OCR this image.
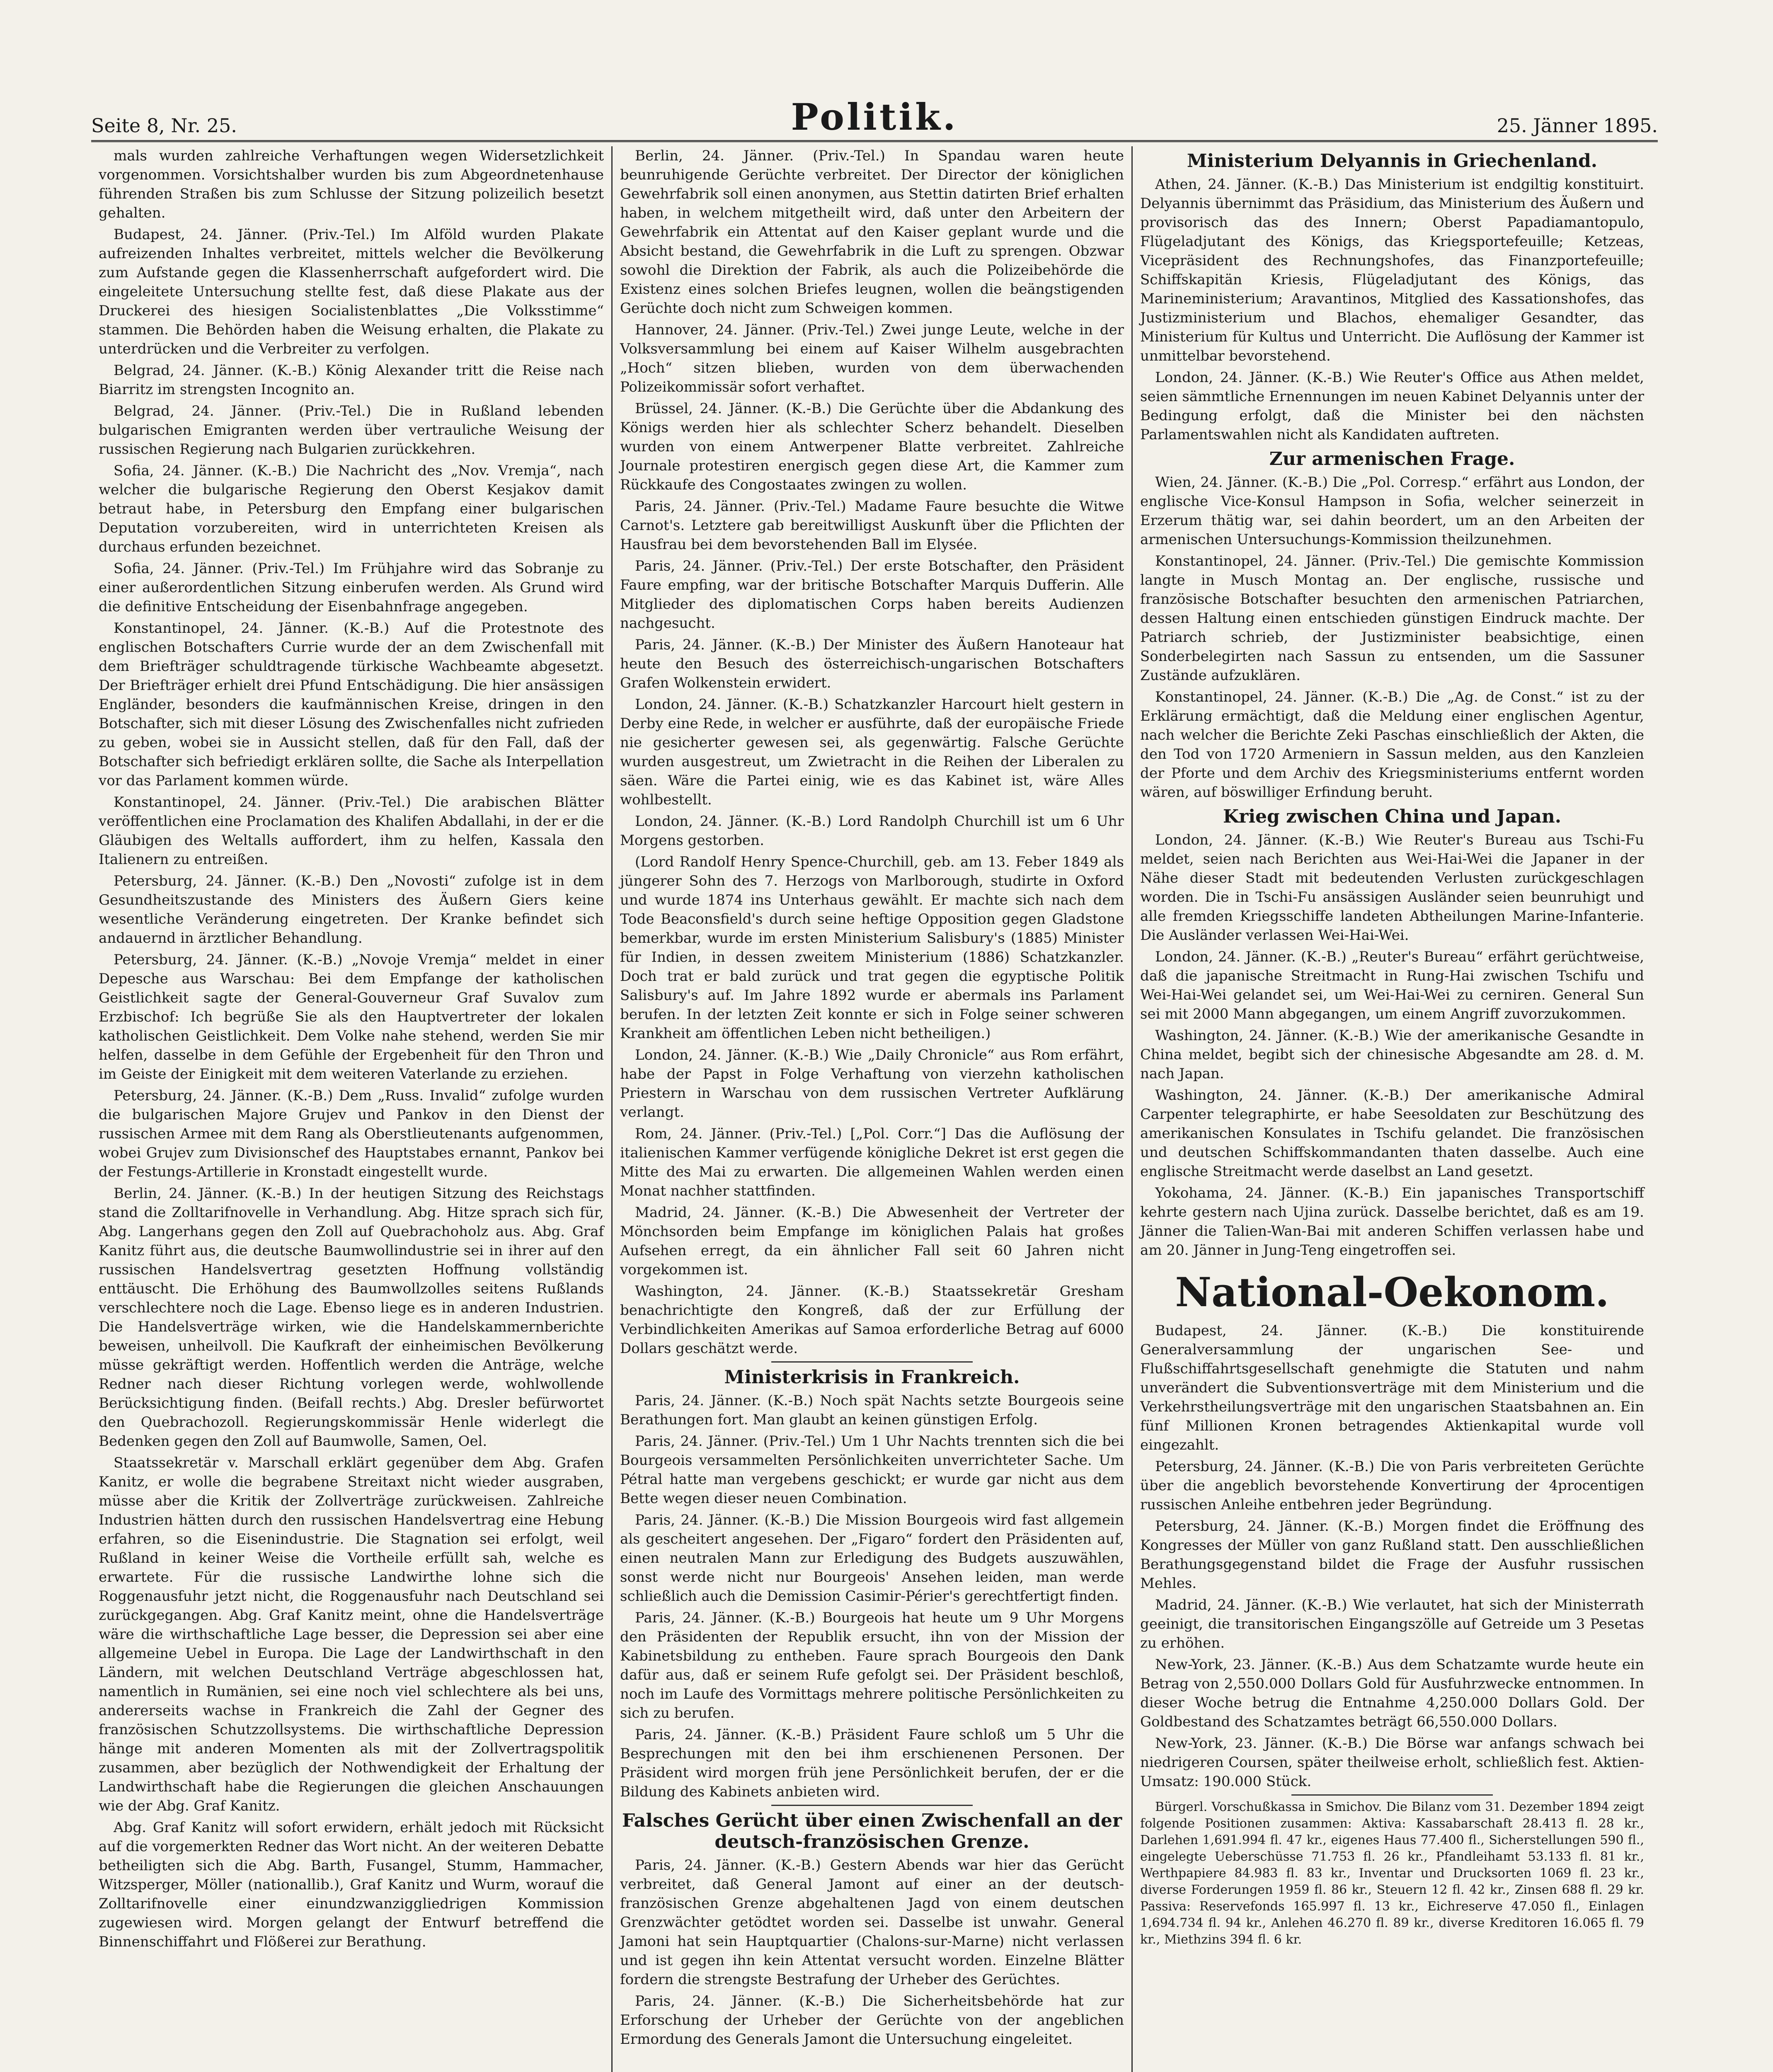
Seite 8, Nr. 25.	Politik.	25. Jänner 1895.

mals wurden zahlreiche Verhaftungen wegen Widersetzlichkeit vorgenommen. Vorsichtshalber wurden bis zum Abgeordnetenhause führenden Straßen bis zum Schlusse der Sitzung polizeilich besetzt gehalten.

Budapest, 24. Jänner. (Priv.-Tel.) Im Alföld wurden Plakate aufreizenden Inhaltes verbreitet, mittels welcher die Bevölkerung zum Aufstande gegen die Klassenherrschaft aufgefordert wird. Die eingeleitete Untersuchung stellte fest, daß diese Plakate aus der Druckerei des hiesigen Socialistenblattes „Die Volksstimme“ stammen. Die Behörden haben die Weisung erhalten, die Plakate zu unterdrücken und die Verbreiter zu verfolgen.

Belgrad, 24. Jänner. (K.-B.) König Alexander tritt die Reise nach Biarritz im strengsten Incognito an.

Belgrad, 24. Jänner. (Priv.-Tel.) Die in Rußland lebenden bulgarischen Emigranten werden über vertrauliche Weisung der russischen Regierung nach Bulgarien zurückkehren.

Sofia, 24. Jänner. (K.-B.) Die Nachricht des „Nov. Vremja“, nach welcher die bulgarische Regierung den Oberst Kesjakov damit betraut habe, in Petersburg den Empfang einer bulgarischen Deputation vorzubereiten, wird in unterrichteten Kreisen als durchaus erfunden bezeichnet.

Sofia, 24. Jänner. (Priv.-Tel.) Im Frühjahre wird das Sobranje zu einer außerordentlichen Sitzung einberufen werden. Als Grund wird die definitive Entscheidung der Eisenbahnfrage angegeben.

Konstantinopel, 24. Jänner. (K.-B.) Auf die Protestnote des englischen Botschafters Currie wurde der an dem Zwischenfall mit dem Briefträger schuldtragende türkische Wachbeamte abgesetzt. Der Briefträger erhielt drei Pfund Entschädigung. Die hier ansässigen Engländer, besonders die kaufmännischen Kreise, dringen in den Botschafter, sich mit dieser Lösung des Zwischenfalles nicht zufrieden zu geben, wobei sie in Aussicht stellen, daß für den Fall, daß der Botschafter sich befriedigt erklären sollte, die Sache als Interpellation vor das Parlament kommen würde.

Konstantinopel, 24. Jänner. (Priv.-Tel.) Die arabischen Blätter veröffentlichen eine Proclamation des Khalifen Abdallahi, in der er die Gläubigen des Weltalls auffordert, ihm zu helfen, Kassala den Italienern zu entreißen.

Petersburg, 24. Jänner. (K.-B.) Den „Novosti“ zufolge ist in dem Gesundheitszustande des Ministers des Äußern Giers keine wesentliche Veränderung eingetreten. Der Kranke befindet sich andauernd in ärztlicher Behandlung.

Petersburg, 24. Jänner. (K.-B.) „Novoje Vremja“ meldet in einer Depesche aus Warschau: Bei dem Empfange der katholischen Geistlichkeit sagte der General-Gouverneur Graf Suvalov zum Erzbischof: Ich begrüße Sie als den Hauptvertreter der lokalen katholischen Geistlichkeit. Dem Volke nahe stehend, werden Sie mir helfen, dasselbe in dem Gefühle der Ergebenheit für den Thron und im Geiste der Einigkeit mit dem weiteren Vaterlande zu erziehen.

Petersburg, 24. Jänner. (K.-B.) Dem „Russ. Invalid“ zufolge wurden die bulgarischen Majore Grujev und Pankov in den Dienst der russischen Armee mit dem Rang als Oberstlieutenants aufgenommen, wobei Grujev zum Divisionschef des Hauptstabes ernannt, Pankov bei der Festungs-Artillerie in Kronstadt eingestellt wurde.

Berlin, 24. Jänner. (K.-B.) In der heutigen Sitzung des Reichstags stand die Zolltarifnovelle in Verhandlung. Abg. Hitze sprach sich für, Abg. Langerhans gegen den Zoll auf Quebrachoholz aus. Abg. Graf Kanitz führt aus, die deutsche Baumwollindustrie sei in ihrer auf den russischen Handelsvertrag gesetzten Hoffnung vollständig enttäuscht. Die Erhöhung des Baumwollzolles seitens Rußlands verschlechtere noch die Lage. Ebenso liege es in anderen Industrien. Die Handelsverträge wirken, wie die Handelskammernberichte beweisen, unheilvoll. Die Kaufkraft der einheimischen Bevölkerung müsse gekräftigt werden. Hoffentlich werden die Anträge, welche Redner nach dieser Richtung vorlegen werde, wohlwollende Berücksichtigung finden. (Beifall rechts.) Abg. Dresler befürwortet den Quebrachozoll. Regierungskommissär Henle widerlegt die Bedenken gegen den Zoll auf Baumwolle, Samen, Oel.

Staatssekretär v. Marschall erklärt gegenüber dem Abg. Grafen Kanitz, er wolle die begrabene Streitaxt nicht wieder ausgraben, müsse aber die Kritik der Zollverträge zurückweisen. Zahlreiche Industrien hätten durch den russischen Handelsvertrag eine Hebung erfahren, so die Eisenindustrie. Die Stagnation sei erfolgt, weil Rußland in keiner Weise die Vortheile erfüllt sah, welche es erwartete. Für die russische Landwirthe lohne sich die Roggenausfuhr jetzt nicht, die Roggenausfuhr nach Deutschland sei zurückgegangen. Abg. Graf Kanitz meint, ohne die Handelsverträge wäre die wirthschaftliche Lage besser, die Depression sei aber eine allgemeine Uebel in Europa. Die Lage der Landwirthschaft in den Ländern, mit welchen Deutschland Verträge abgeschlossen hat, namentlich in Rumänien, sei eine noch viel schlechtere als bei uns, andererseits wachse in Frankreich die Zahl der Gegner des französischen Schutzzollsystems. Die wirthschaftliche Depression hänge mit anderen Momenten als mit der Zollvertragspolitik zusammen, aber bezüglich der Nothwendigkeit der Erhaltung der Landwirthschaft habe die Regierungen die gleichen Anschauungen wie der Abg. Graf Kanitz.

Abg. Graf Kanitz will sofort erwidern, erhält jedoch mit Rücksicht auf die vorgemerkten Redner das Wort nicht. An der weiteren Debatte betheiligten sich die Abg. Barth, Fusangel, Stumm, Hammacher, Witzsperger, Möller (nationallib.), Graf Kanitz und Wurm, worauf die Zolltarifnovelle einer einundzwanziggliedrigen Kommission zugewiesen wird. Morgen gelangt der Entwurf betreffend die Binnenschiffahrt und Flößerei zur Berathung.

Berlin, 24. Jänner. (Priv.-Tel.) In Spandau waren heute beunruhigende Gerüchte verbreitet. Der Director der königlichen Gewehrfabrik soll einen anonymen, aus Stettin datirten Brief erhalten haben, in welchem mitgetheilt wird, daß unter den Arbeitern der Gewehrfabrik ein Attentat auf den Kaiser geplant wurde und die Absicht bestand, die Gewehrfabrik in die Luft zu sprengen. Obzwar sowohl die Direktion der Fabrik, als auch die Polizeibehörde die Existenz eines solchen Briefes leugnen, wollen die beängstigenden Gerüchte doch nicht zum Schweigen kommen.

Hannover, 24. Jänner. (Priv.-Tel.) Zwei junge Leute, welche in der Volksversammlung bei einem auf Kaiser Wilhelm ausgebrachten „Hoch“ sitzen blieben, wurden von dem überwachenden Polizeikommissär sofort verhaftet.

Brüssel, 24. Jänner. (K.-B.) Die Gerüchte über die Abdankung des Königs werden hier als schlechter Scherz behandelt. Dieselben wurden von einem Antwerpener Blatte verbreitet. Zahlreiche Journale protestiren energisch gegen diese Art, die Kammer zum Rückkaufe des Congostaates zwingen zu wollen.

Paris, 24. Jänner. (Priv.-Tel.) Madame Faure besuchte die Witwe Carnot's. Letztere gab bereitwilligst Auskunft über die Pflichten der Hausfrau bei dem bevorstehenden Ball im Elysée.

Paris, 24. Jänner. (Priv.-Tel.) Der erste Botschafter, den Präsident Faure empfing, war der britische Botschafter Marquis Dufferin. Alle Mitglieder des diplomatischen Corps haben bereits Audienzen nachgesucht.

Paris, 24. Jänner. (K.-B.) Der Minister des Äußern Hanoteaur hat heute den Besuch des österreichisch-ungarischen Botschafters Grafen Wolkenstein erwidert.

London, 24. Jänner. (K.-B.) Schatzkanzler Harcourt hielt gestern in Derby eine Rede, in welcher er ausführte, daß der europäische Friede nie gesicherter gewesen sei, als gegenwärtig. Falsche Gerüchte wurden ausgestreut, um Zwietracht in die Reihen der Liberalen zu säen. Wäre die Partei einig, wie es das Kabinet ist, wäre Alles wohlbestellt.

London, 24. Jänner. (K.-B.) Lord Randolph Churchill ist um 6 Uhr Morgens gestorben.

(Lord Randolf Henry Spence-Churchill, geb. am 13. Feber 1849 als jüngerer Sohn des 7. Herzogs von Marlborough, studirte in Oxford und wurde 1874 ins Unterhaus gewählt. Er machte sich nach dem Tode Beaconsfield's durch seine heftige Opposition gegen Gladstone bemerkbar, wurde im ersten Ministerium Salisbury's (1885) Minister für Indien, in dessen zweitem Ministerium (1886) Schatzkanzler. Doch trat er bald zurück und trat gegen die egyptische Politik Salisbury's auf. Im Jahre 1892 wurde er abermals ins Parlament berufen. In der letzten Zeit konnte er sich in Folge seiner schweren Krankheit am öffentlichen Leben nicht betheiligen.)

London, 24. Jänner. (K.-B.) Wie „Daily Chronicle“ aus Rom erfährt, habe der Papst in Folge Verhaftung von vierzehn katholischen Priestern in Warschau von dem russischen Vertreter Aufklärung verlangt.

Rom, 24. Jänner. (Priv.-Tel.) [„Pol. Corr.“] Das die Auflösung der italienischen Kammer verfügende königliche Dekret ist erst gegen die Mitte des Mai zu erwarten. Die allgemeinen Wahlen werden einen Monat nachher stattfinden.

Madrid, 24. Jänner. (K.-B.) Die Abwesenheit der Vertreter der Mönchsorden beim Empfange im königlichen Palais hat großes Aufsehen erregt, da ein ähnlicher Fall seit 60 Jahren nicht vorgekommen ist.

Washington, 24. Jänner. (K.-B.) Staatssekretär Gresham benachrichtigte den Kongreß, daß der zur Erfüllung der Verbindlichkeiten Amerikas auf Samoa erforderliche Betrag auf 6000 Dollars geschätzt werde.

Ministerkrisis in Frankreich.

Paris, 24. Jänner. (K.-B.) Noch spät Nachts setzte Bourgeois seine Berathungen fort. Man glaubt an keinen günstigen Erfolg.

Paris, 24. Jänner. (Priv.-Tel.) Um 1 Uhr Nachts trennten sich die bei Bourgeois versammelten Persönlichkeiten unverrichteter Sache. Um Pétral hatte man vergebens geschickt; er wurde gar nicht aus dem Bette wegen dieser neuen Combination.

Paris, 24. Jänner. (K.-B.) Die Mission Bourgeois wird fast allgemein als gescheitert angesehen. Der „Figaro“ fordert den Präsidenten auf, einen neutralen Mann zur Erledigung des Budgets auszuwählen, sonst werde nicht nur Bourgeois' Ansehen leiden, man werde schließlich auch die Demission Casimir-Périer's gerechtfertigt finden.

Paris, 24. Jänner. (K.-B.) Bourgeois hat heute um 9 Uhr Morgens den Präsidenten der Republik ersucht, ihn von der Mission der Kabinetsbildung zu entheben. Faure sprach Bourgeois den Dank dafür aus, daß er seinem Rufe gefolgt sei. Der Präsident beschloß, noch im Laufe des Vormittags mehrere politische Persönlichkeiten zu sich zu berufen.

Paris, 24. Jänner. (K.-B.) Präsident Faure schloß um 5 Uhr die Besprechungen mit den bei ihm erschienenen Personen. Der Präsident wird morgen früh jene Persönlichkeit berufen, der er die Bildung des Kabinets anbieten wird.

Falsches Gerücht über einen Zwischenfall an der deutsch-französischen Grenze.

Paris, 24. Jänner. (K.-B.) Gestern Abends war hier das Gerücht verbreitet, daß General Jamont auf einer an der deutsch-französischen Grenze abgehaltenen Jagd von einem deutschen Grenzwächter getödtet worden sei. Dasselbe ist unwahr. General Jamoni hat sein Hauptquartier (Chalons-sur-Marne) nicht verlassen und ist gegen ihn kein Attentat versucht worden. Einzelne Blätter fordern die strengste Bestrafung der Urheber des Gerüchtes.

Paris, 24. Jänner. (K.-B.) Die Sicherheitsbehörde hat zur Erforschung der Urheber der Gerüchte von der angeblichen Ermordung des Generals Jamont die Untersuchung eingeleitet.

Ministerium Delyannis in Griechenland.

Athen, 24. Jänner. (K.-B.) Das Ministerium ist endgiltig konstituirt. Delyannis übernimmt das Präsidium, das Ministerium des Äußern und provisorisch das des Innern; Oberst Papadiamantopulo, Flügeladjutant des Königs, das Kriegsportefeuille; Ketzeas, Vicepräsident des Rechnungshofes, das Finanzportefeuille; Schiffskapitän Kriesis, Flügeladjutant des Königs, das Marineministerium; Aravantinos, Mitglied des Kassationshofes, das Justizministerium und Blachos, ehemaliger Gesandter, das Ministerium für Kultus und Unterricht. Die Auflösung der Kammer ist unmittelbar bevorstehend.

London, 24. Jänner. (K.-B.) Wie Reuter's Office aus Athen meldet, seien sämmtliche Ernennungen im neuen Kabinet Delyannis unter der Bedingung erfolgt, daß die Minister bei den nächsten Parlamentswahlen nicht als Kandidaten auftreten.

Zur armenischen Frage.

Wien, 24. Jänner. (K.-B.) Die „Pol. Corresp.“ erfährt aus London, der englische Vice-Konsul Hampson in Sofia, welcher seinerzeit in Erzerum thätig war, sei dahin beordert, um an den Arbeiten der armenischen Untersuchungs-Kommission theilzunehmen.

Konstantinopel, 24. Jänner. (Priv.-Tel.) Die gemischte Kommission langte in Musch Montag an. Der englische, russische und französische Botschafter besuchten den armenischen Patriarchen, dessen Haltung einen entschieden günstigen Eindruck machte. Der Patriarch schrieb, der Justizminister beabsichtige, einen Sonderbelegirten nach Sassun zu entsenden, um die Sassuner Zustände aufzuklären.

Konstantinopel, 24. Jänner. (K.-B.) Die „Ag. de Const.“ ist zu der Erklärung ermächtigt, daß die Meldung einer englischen Agentur, nach welcher die Berichte Zeki Paschas einschließlich der Akten, die den Tod von 1720 Armeniern in Sassun melden, aus den Kanzleien der Pforte und dem Archiv des Kriegsministeriums entfernt worden wären, auf böswilliger Erfindung beruht.

Krieg zwischen China und Japan.

London, 24. Jänner. (K.-B.) Wie Reuter's Bureau aus Tschi-Fu meldet, seien nach Berichten aus Wei-Hai-Wei die Japaner in der Nähe dieser Stadt mit bedeutenden Verlusten zurückgeschlagen worden. Die in Tschi-Fu ansässigen Ausländer seien beunruhigt und alle fremden Kriegsschiffe landeten Abtheilungen Marine-Infanterie. Die Ausländer verlassen Wei-Hai-Wei.

London, 24. Jänner. (K.-B.) „Reuter's Bureau“ erfährt gerüchtweise, daß die japanische Streitmacht in Rung-Hai zwischen Tschifu und Wei-Hai-Wei gelandet sei, um Wei-Hai-Wei zu cerniren. General Sun sei mit 2000 Mann abgegangen, um einem Angriff zuvorzukommen.

Washington, 24. Jänner. (K.-B.) Wie der amerikanische Gesandte in China meldet, begibt sich der chinesische Abgesandte am 28. d. M. nach Japan.

Washington, 24. Jänner. (K.-B.) Der amerikanische Admiral Carpenter telegraphirte, er habe Seesoldaten zur Beschützung des amerikanischen Konsulates in Tschifu gelandet. Die französischen und deutschen Schiffskommandanten thaten dasselbe. Auch eine englische Streitmacht werde daselbst an Land gesetzt.

Yokohama, 24. Jänner. (K.-B.) Ein japanisches Transportschiff kehrte gestern nach Ujina zurück. Dasselbe berichtet, daß es am 19. Jänner die Talien-Wan-Bai mit anderen Schiffen verlassen habe und am 20. Jänner in Jung-Teng eingetroffen sei.

National-Oekonom.

Budapest, 24. Jänner. (K.-B.) Die konstituirende Generalversammlung der ungarischen See- und Flußschiffahrtsgesellschaft genehmigte die Statuten und nahm unverändert die Subventionsverträge mit dem Ministerium und die Verkehrstheilungsverträge mit den ungarischen Staatsbahnen an. Ein fünf Millionen Kronen betragendes Aktienkapital wurde voll eingezahlt.

Petersburg, 24. Jänner. (K.-B.) Die von Paris verbreiteten Gerüchte über die angeblich bevorstehende Konvertirung der 4procentigen russischen Anleihe entbehren jeder Begründung.

Petersburg, 24. Jänner. (K.-B.) Morgen findet die Eröffnung des Kongresses der Müller von ganz Rußland statt. Den ausschließlichen Berathungsgegenstand bildet die Frage der Ausfuhr russischen Mehles.

Madrid, 24. Jänner. (K.-B.) Wie verlautet, hat sich der Ministerrath geeinigt, die transitorischen Eingangszölle auf Getreide um 3 Pesetas zu erhöhen.

New-York, 23. Jänner. (K.-B.) Aus dem Schatzamte wurde heute ein Betrag von 2,550.000 Dollars Gold für Ausfuhrzwecke entnommen. In dieser Woche betrug die Entnahme 4,250.000 Dollars Gold. Der Goldbestand des Schatzamtes beträgt 66,550.000 Dollars.

New-York, 23. Jänner. (K.-B.) Die Börse war anfangs schwach bei niedrigeren Coursen, später theilweise erholt, schließlich fest. Aktien-Umsatz: 190.000 Stück.

Bürgerl. Vorschußkassa in Smichov. Die Bilanz vom 31. Dezember 1894 zeigt folgende Positionen zusammen: Aktiva: Kassabarschaft 28.413 fl. 28 kr., Darlehen 1,691.994 fl. 47 kr., eigenes Haus 77.400 fl., Sicherstellungen 590 fl., eingelegte Ueberschüsse 71.753 fl. 26 kr., Pfandleihamt 53.133 fl. 81 kr., Werthpapiere 84.983 fl. 83 kr., Inventar und Drucksorten 1069 fl. 23 kr., diverse Forderungen 1959 fl. 86 kr., Steuern 12 fl. 42 kr., Zinsen 688 fl. 29 kr. Passiva: Reservefonds 165.997 fl. 13 kr., Eichreserve 47.050 fl., Einlagen 1,694.734 fl. 94 kr., Anlehen 46.270 fl. 89 kr., diverse Kreditoren 16.065 fl. 79 kr., Miethzins 394 fl. 6 kr.
